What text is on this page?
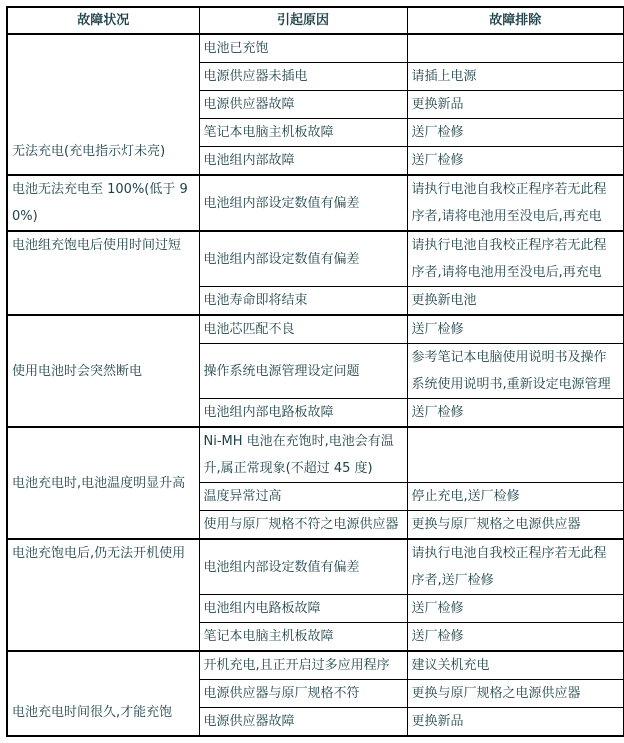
故障状况	引起原因	故障排除
无法充电(充电指示灯未亮)	电池已充饱	
	电源供应器未插电	请插上电源
	电源供应器故障	更换新品
	笔记本电脑主机板故障	送厂检修
	电池组内部故障	送厂检修
电池无法充电至 100%(低于 90%)	电池组内部设定数值有偏差	请执行电池自我校正程序若无此程序者,请将电池用至没电后,再充电
电池组充饱电后使用时间过短	电池组内部设定数值有偏差	请执行电池自我校正程序若无此程序者,请将电池用至没电后,再充电
	电池寿命即将结束	更换新电池
使用电池时会突然断电	电池芯匹配不良	送厂检修
	操作系统电源管理设定问题	参考笔记本电脑使用说明书及操作系统使用说明书,重新设定电源管理
	电池组内部电路板故障	送厂检修
电池充电时,电池温度明显升高	Ni-MH 电池在充饱时,电池会有温升,属正常现象(不超过 45 度)	
	温度异常过高	停止充电,送厂检修
	使用与原厂规格不符之电源供应器	更换与原厂规格之电源供应器
电池充饱电后,仍无法开机使用	电池组内部设定数值有偏差	请执行电池自我校正程序若无此程序者,送厂检修
	电池组内电路板故障	送厂检修
	笔记本电脑主机板故障	送厂检修
电池充电时间很久,才能充饱	开机充电,且正开启过多应用程序	建议关机充电
	电源供应器与原厂规格不符	更换与原厂规格之电源供应器
	电源供应器故障	更换新品
